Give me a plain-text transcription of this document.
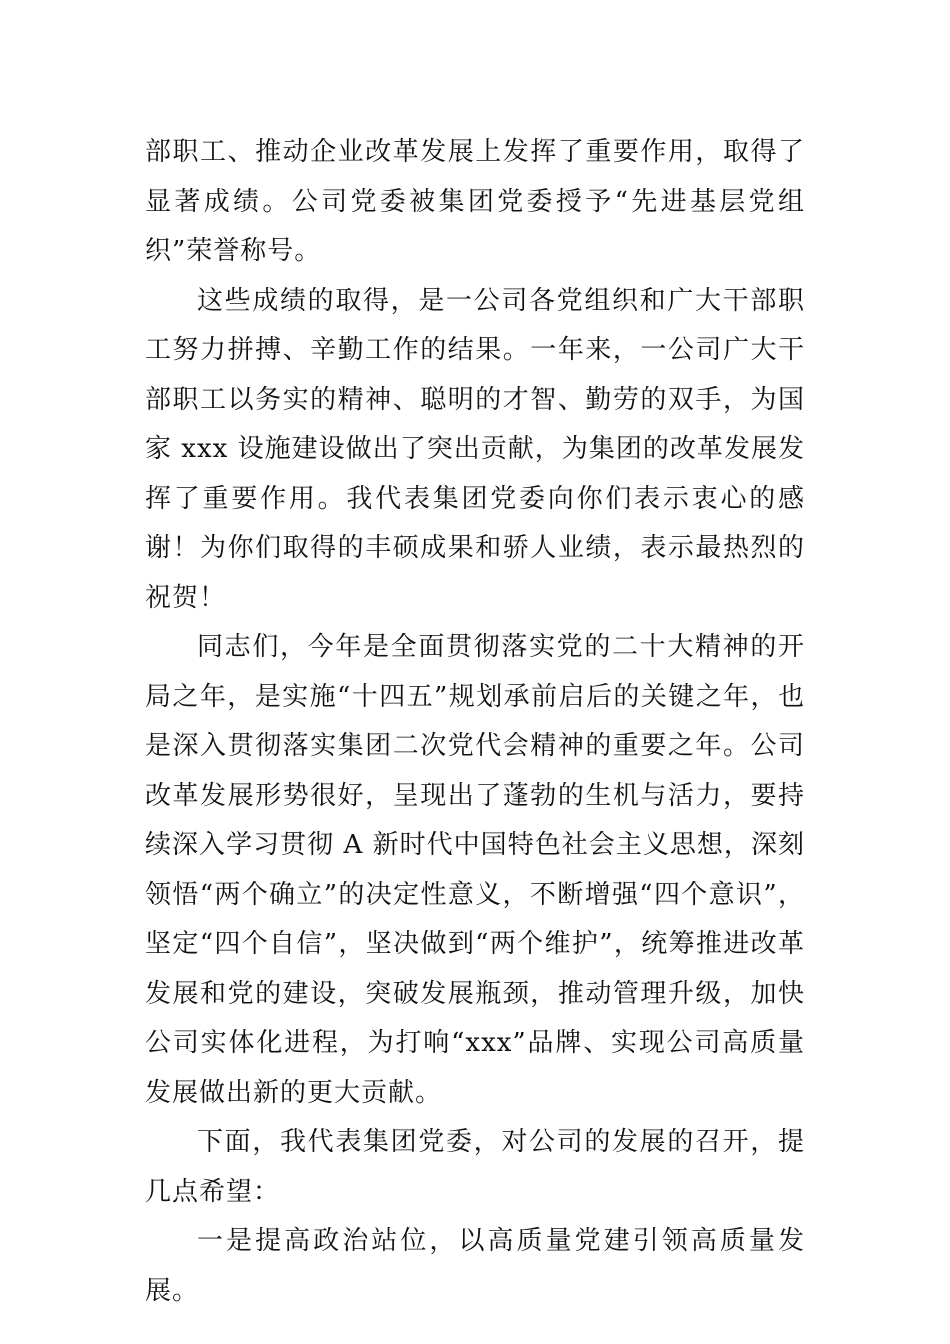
部职工、推动企业改革发展上发挥了重要作用，取得了显著成绩。公司党委被集团党委授予“先进基层党组织”荣誉称号。

这些成绩的取得，是一公司各党组织和广大干部职工努力拼搏、辛勤工作的结果。一年来，一公司广大干部职工以务实的精神、聪明的才智、勤劳的双手，为国家 xxx 设施建设做出了突出贡献，为集团的改革发展发挥了重要作用。我代表集团党委向你们表示衷心的感谢！为你们取得的丰硕成果和骄人业绩，表示最热烈的祝贺！

同志们，今年是全面贯彻落实党的二十大精神的开局之年，是实施“十四五”规划承前启后的关键之年，也是深入贯彻落实集团二次党代会精神的重要之年。公司改革发展形势很好，呈现出了蓬勃的生机与活力，要持续深入学习贯彻 A 新时代中国特色社会主义思想，深刻领悟“两个确立”的决定性意义，不断增强“四个意识”，坚定“四个自信”，坚决做到“两个维护”，统筹推进改革发展和党的建设，突破发展瓶颈，推动管理升级，加快公司实体化进程，为打响“xxx”品牌、实现公司高质量发展做出新的更大贡献。

下面，我代表集团党委，对公司的发展的召开，提几点希望：

一是提高政治站位，以高质量党建引领高质量发展。
